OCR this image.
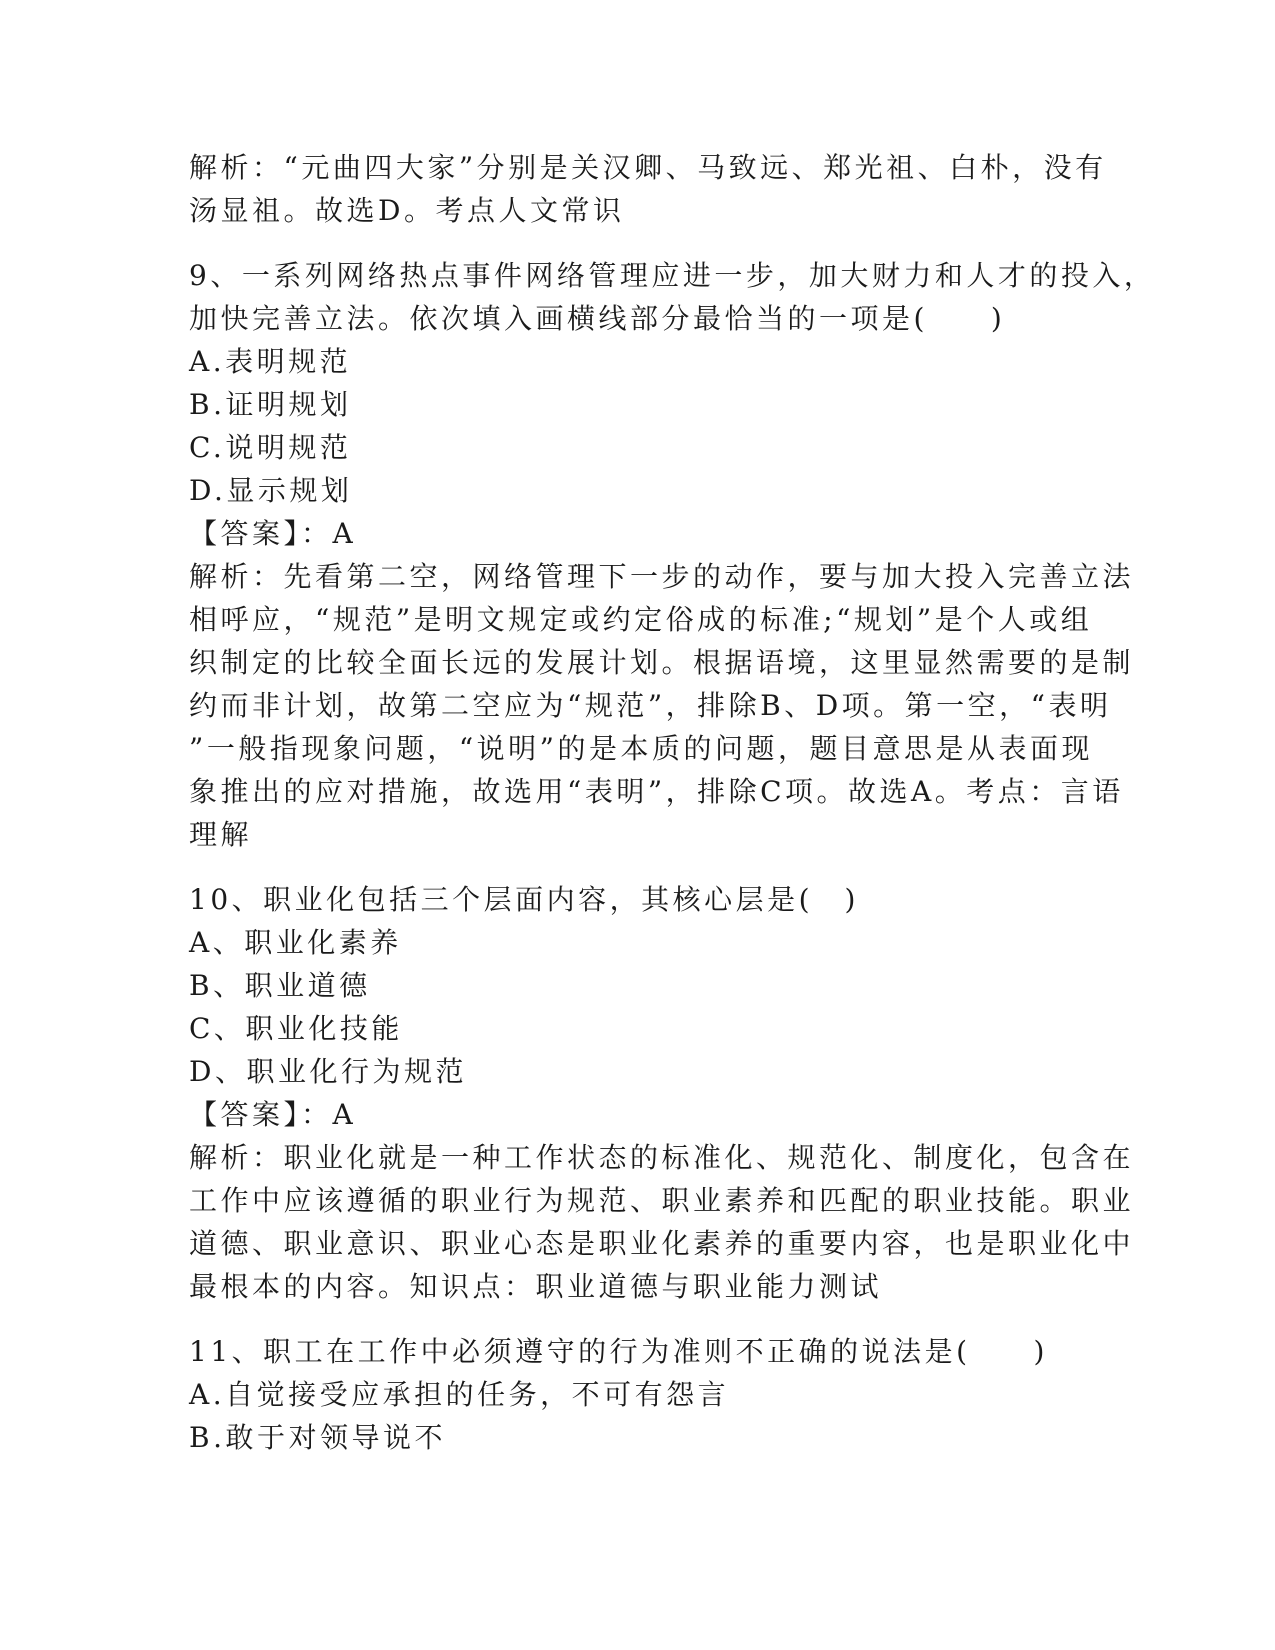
解析：“元曲四大家”分别是关汉卿、马致远、郑光祖、白朴，没有
汤显祖。故选D。考点人文常识
9、一系列网络热点事件网络管理应进一步，加大财力和人才的投入，
加快完善立法。依次填入画横线部分最恰当的一项是(　　)
A.表明规范
B.证明规划
C.说明规范
D.显示规划
【答案】：A
解析：先看第二空，网络管理下一步的动作，要与加大投入完善立法
相呼应，“规范”是明文规定或约定俗成的标准;“规划”是个人或组
织制定的比较全面长远的发展计划。根据语境，这里显然需要的是制
约而非计划，故第二空应为“规范”，排除B、D项。第一空，“表明
”一般指现象问题，“说明”的是本质的问题，题目意思是从表面现
象推出的应对措施，故选用“表明”，排除C项。故选A。考点：言语
理解
10、职业化包括三个层面内容，其核心层是(　)
A、职业化素养
B、职业道德
C、职业化技能
D、职业化行为规范
【答案】：A
解析：职业化就是一种工作状态的标准化、规范化、制度化，包含在
工作中应该遵循的职业行为规范、职业素养和匹配的职业技能。职业
道德、职业意识、职业心态是职业化素养的重要内容，也是职业化中
最根本的内容。知识点：职业道德与职业能力测试
11、职工在工作中必须遵守的行为准则不正确的说法是(　　)
A.自觉接受应承担的任务，不可有怨言
B.敢于对领导说不
